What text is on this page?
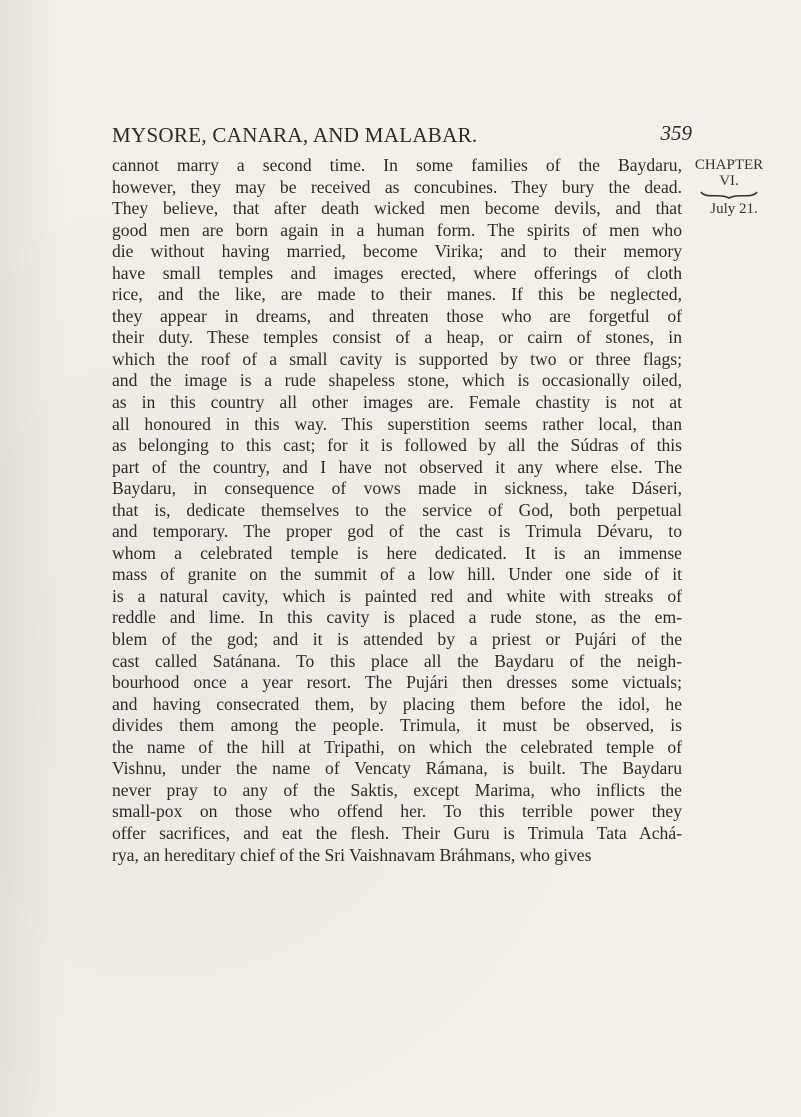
MYSORE, CANARA, AND MALABAR.	359
CHAPTER
VI.
July 21.
cannot marry a second time. In some families of the Baydaru,
however, they may be received as concubines. They bury the dead.
They believe, that after death wicked men become devils, and that
good men are born again in a human form. The spirits of men who
die without having married, become Virika; and to their memory
have small temples and images erected, where offerings of cloth
rice, and the like, are made to their manes. If this be neglected,
they appear in dreams, and threaten those who are forgetful of
their duty. These temples consist of a heap, or cairn of stones, in
which the roof of a small cavity is supported by two or three flags;
and the image is a rude shapeless stone, which is occasionally oiled,
as in this country all other images are. Female chastity is not at
all honoured in this way. This superstition seems rather local, than
as belonging to this cast; for it is followed by all the Súdras of this
part of the country, and I have not observed it any where else. The
Baydaru, in consequence of vows made in sickness, take Dáseri,
that is, dedicate themselves to the service of God, both perpetual
and temporary. The proper god of the cast is Trimula Dévaru, to
whom a celebrated temple is here dedicated. It is an immense
mass of granite on the summit of a low hill. Under one side of it
is a natural cavity, which is painted red and white with streaks of
reddle and lime. In this cavity is placed a rude stone, as the em-
blem of the god; and it is attended by a priest or Pujári of the
cast called Satánana. To this place all the Baydaru of the neigh-
bourhood once a year resort. The Pujári then dresses some victuals;
and having consecrated them, by placing them before the idol, he
divides them among the people. Trimula, it must be observed, is
the name of the hill at Tripathi, on which the celebrated temple of
Vishnu, under the name of Vencaty Rámana, is built. The Baydaru
never pray to any of the Saktis, except Marima, who inflicts the
small-pox on those who offend her. To this terrible power they
offer sacrifices, and eat the flesh. Their Guru is Trimula Tata Achá-
rya, an hereditary chief of the Sri Vaishnavam Bráhmans, who gives
